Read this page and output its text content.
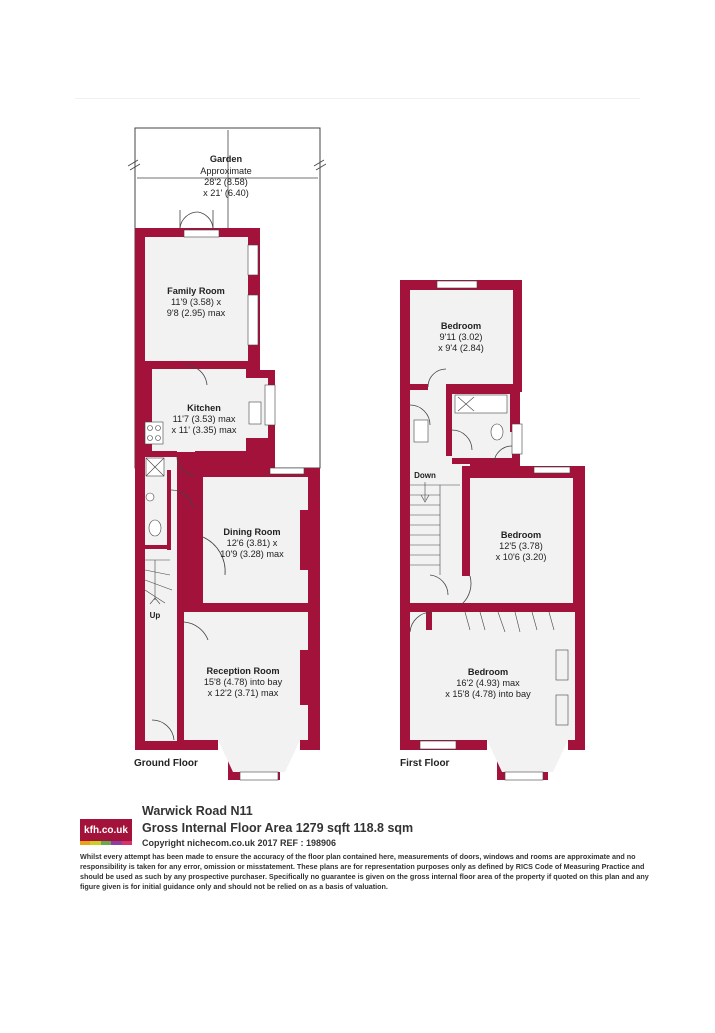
Garden
Approximate
28'2 (8.58)
x 21' (6.40)
Family Room
11'9 (3.58) x
9'8 (2.95) max
Kitchen
11'7 (3.53) max
x 11' (3.35) max
Dining Room
12'6 (3.81) x
10'9 (3.28) max
Reception Room
15'8 (4.78) into bay
x 12'2 (3.71) max
Up
Ground Floor
Bedroom
9'11 (3.02)
x 9'4 (2.84)
Bedroom
12'5 (3.78)
x 10'6 (3.20)
Bedroom
16'2 (4.93) max
x 15'8 (4.78) into bay
Down
First Floor
kfh.co.uk
Warwick Road N11
Gross Internal Floor Area 1279 sqft 118.8 sqm
Copyright nichecom.co.uk 2017 REF : 198906
Whilst every attempt has been made to ensure the accuracy of the floor plan contained here, measurements of doors, windows and rooms are approximate and no responsibility is taken for any error, omission or misstatement. These plans are for representation purposes only as defined by RICS Code of Measuring Practice and should be used as such by any prospective purchaser. Specifically no guarantee is given on the gross internal floor area of the property if quoted on this plan and any figure given is for initial guidance only and should not be relied on as a basis of valuation.
